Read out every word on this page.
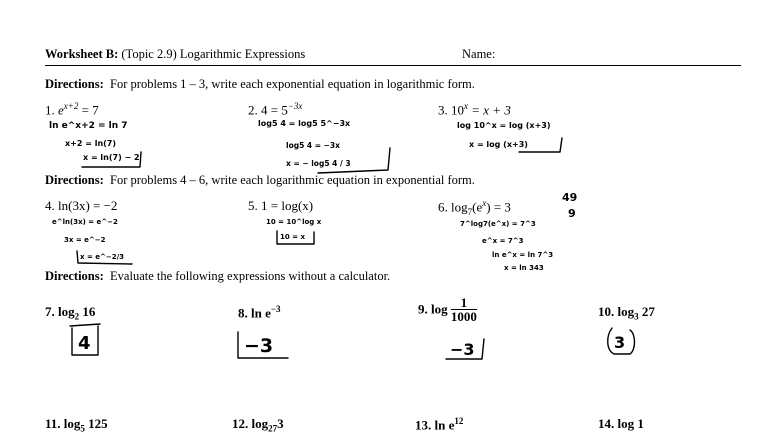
Worksheet B: (Topic 2.9) Logarithmic Expressions	Name:
Directions: For problems 1 – 3, write each exponential equation in logarithmic form.
1. $e^{x+2} = 7$	2. $4 = 5^{-3x}$	3. $10^x = x + 3$
ln e^x+2 = ln 7
x+2 = ln(7)
x = ln(7) − 2
log5 4 = log5 5^−3x
log5 4 = −3x
x = − log5 4 / 3
log 10^x = log (x+3)
x = log (x+3)
Directions: For problems 4 – 6, write each logarithmic equation in exponential form.
4. ln(3x) = −2	5. 1 = log(x)	6. $\log_7(e^x) = 3$
e^ln(3x) = e^−2
3x = e^−2
x = e^−2/3
10 = 10^log x
10 = x
7^log7(e^x) = 7^3
e^x = 7^3
ln e^x = ln 7^3
x = ln 343
49
9
Directions: Evaluate the following expressions without a calculator.
7. $\log_2 16$	8. $\ln e^{-3}$	9. $\log \frac{1}{1000}$	10. $\log_3 27$
4	−3	−3	3
11. $\log_5 125$	12. $\log_{27}3$	13. $\ln e^{12}$	14. log 1
